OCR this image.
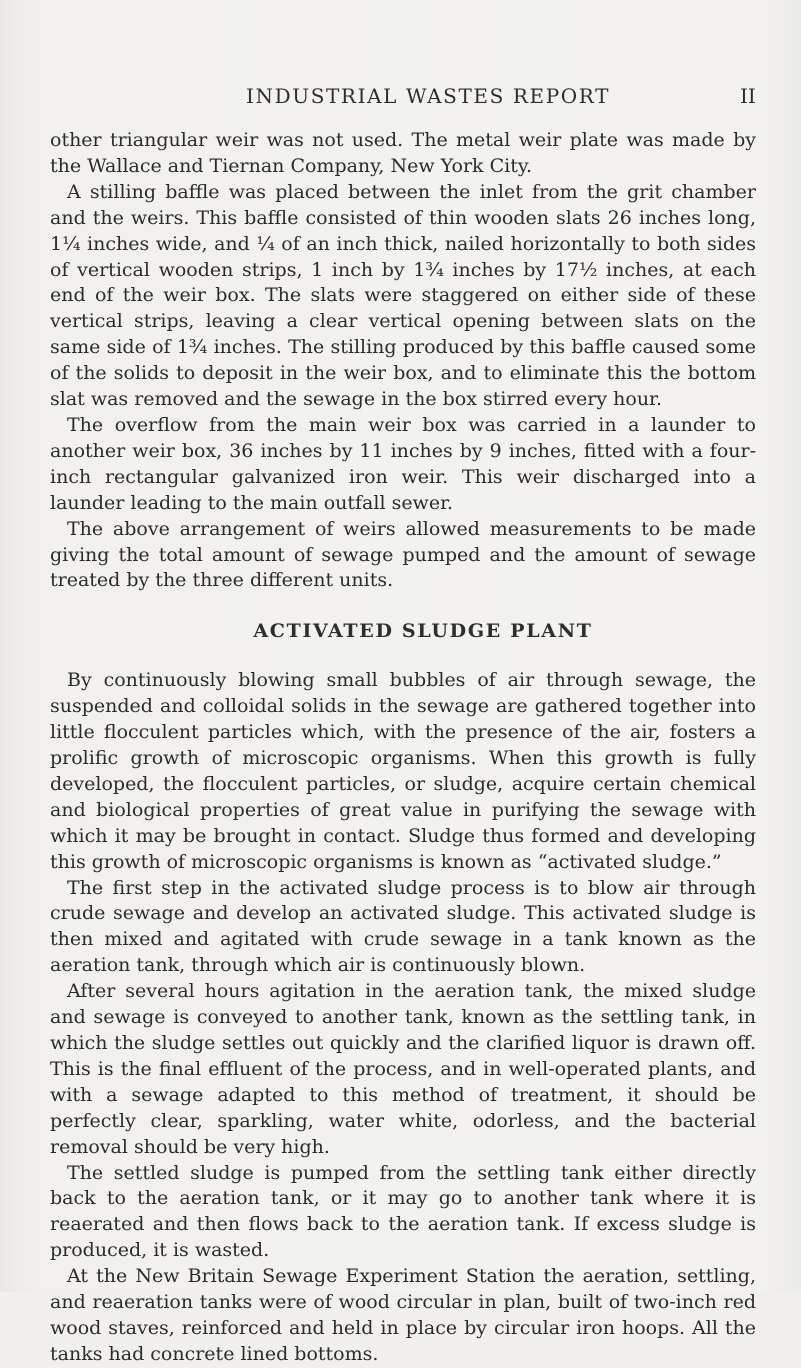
INDUSTRIAL WASTES REPORT	II

other triangular weir was not used. The metal weir plate was made by the Wallace and Tiernan Company, New York City.

A stilling baffle was placed between the inlet from the grit chamber and the weirs. This baffle consisted of thin wooden slats 26 inches long, 1¼ inches wide, and ¼ of an inch thick, nailed horizontally to both sides of vertical wooden strips, 1 inch by 1¾ inches by 17½ inches, at each end of the weir box. The slats were staggered on either side of these vertical strips, leaving a clear vertical opening between slats on the same side of 1¾ inches. The stilling produced by this baffle caused some of the solids to deposit in the weir box, and to eliminate this the bottom slat was removed and the sewage in the box stirred every hour.

The overflow from the main weir box was carried in a launder to another weir box, 36 inches by 11 inches by 9 inches, fitted with a four-inch rectangular galvanized iron weir. This weir discharged into a launder leading to the main outfall sewer.

The above arrangement of weirs allowed measurements to be made giving the total amount of sewage pumped and the amount of sewage treated by the three different units.

ACTIVATED SLUDGE PLANT

By continuously blowing small bubbles of air through sewage, the suspended and colloidal solids in the sewage are gathered together into little flocculent particles which, with the presence of the air, fosters a prolific growth of microscopic organisms. When this growth is fully developed, the flocculent particles, or sludge, acquire certain chemical and biological properties of great value in purifying the sewage with which it may be brought in contact. Sludge thus formed and developing this growth of microscopic organisms is known as “activated sludge.”

The first step in the activated sludge process is to blow air through crude sewage and develop an activated sludge. This activated sludge is then mixed and agitated with crude sewage in a tank known as the aeration tank, through which air is continuously blown.

After several hours agitation in the aeration tank, the mixed sludge and sewage is conveyed to another tank, known as the settling tank, in which the sludge settles out quickly and the clarified liquor is drawn off. This is the final effluent of the process, and in well-operated plants, and with a sewage adapted to this method of treatment, it should be perfectly clear, sparkling, water white, odorless, and the bacterial removal should be very high.

The settled sludge is pumped from the settling tank either directly back to the aeration tank, or it may go to another tank where it is reaerated and then flows back to the aeration tank. If excess sludge is produced, it is wasted.

At the New Britain Sewage Experiment Station the aeration, settling, and reaeration tanks were of wood circular in plan, built of two-inch red wood staves, reinforced and held in place by circular iron hoops. All the tanks had concrete lined bottoms.
